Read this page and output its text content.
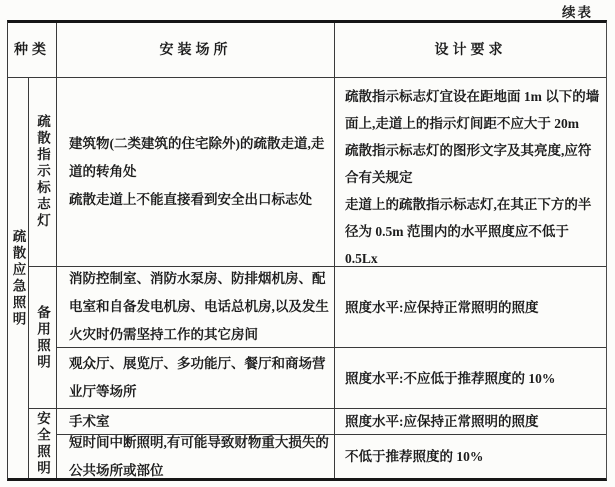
续表
种类	安装场所	设计要求
疏散应急照明
疏散指示标志灯
备用照明
安全照明

建筑物(二类建筑的住宅除外)的疏散走道,走道的转角处

疏散走道上不能直接看到安全出口标志处

消防控制室、消防水泵房、防排烟机房、配电室和自备发电机房、电话总机房,以及发生火灾时仍需坚持工作的其它房间

观众厅、展览厅、多功能厅、餐厅和商场营业厅等场所

手术室

短时间中断照明,有可能导致财物重大损失的公共场所或部位

疏散指示标志灯宜设在距地面 1m 以下的墙面上,走道上的指示灯间距不应大于 20m

疏散指示标志灯的图形文字及其亮度,应符合有关规定

走道上的疏散指示标志灯,在其正下方的半径为 0.5m 范围内的水平照度应不低于 0.5Lx

照度水平:应保持正常照明的照度

照度水平:不应低于推荐照度的 10%

照度水平:应保持正常照明的照度

不低于推荐照度的 10%
